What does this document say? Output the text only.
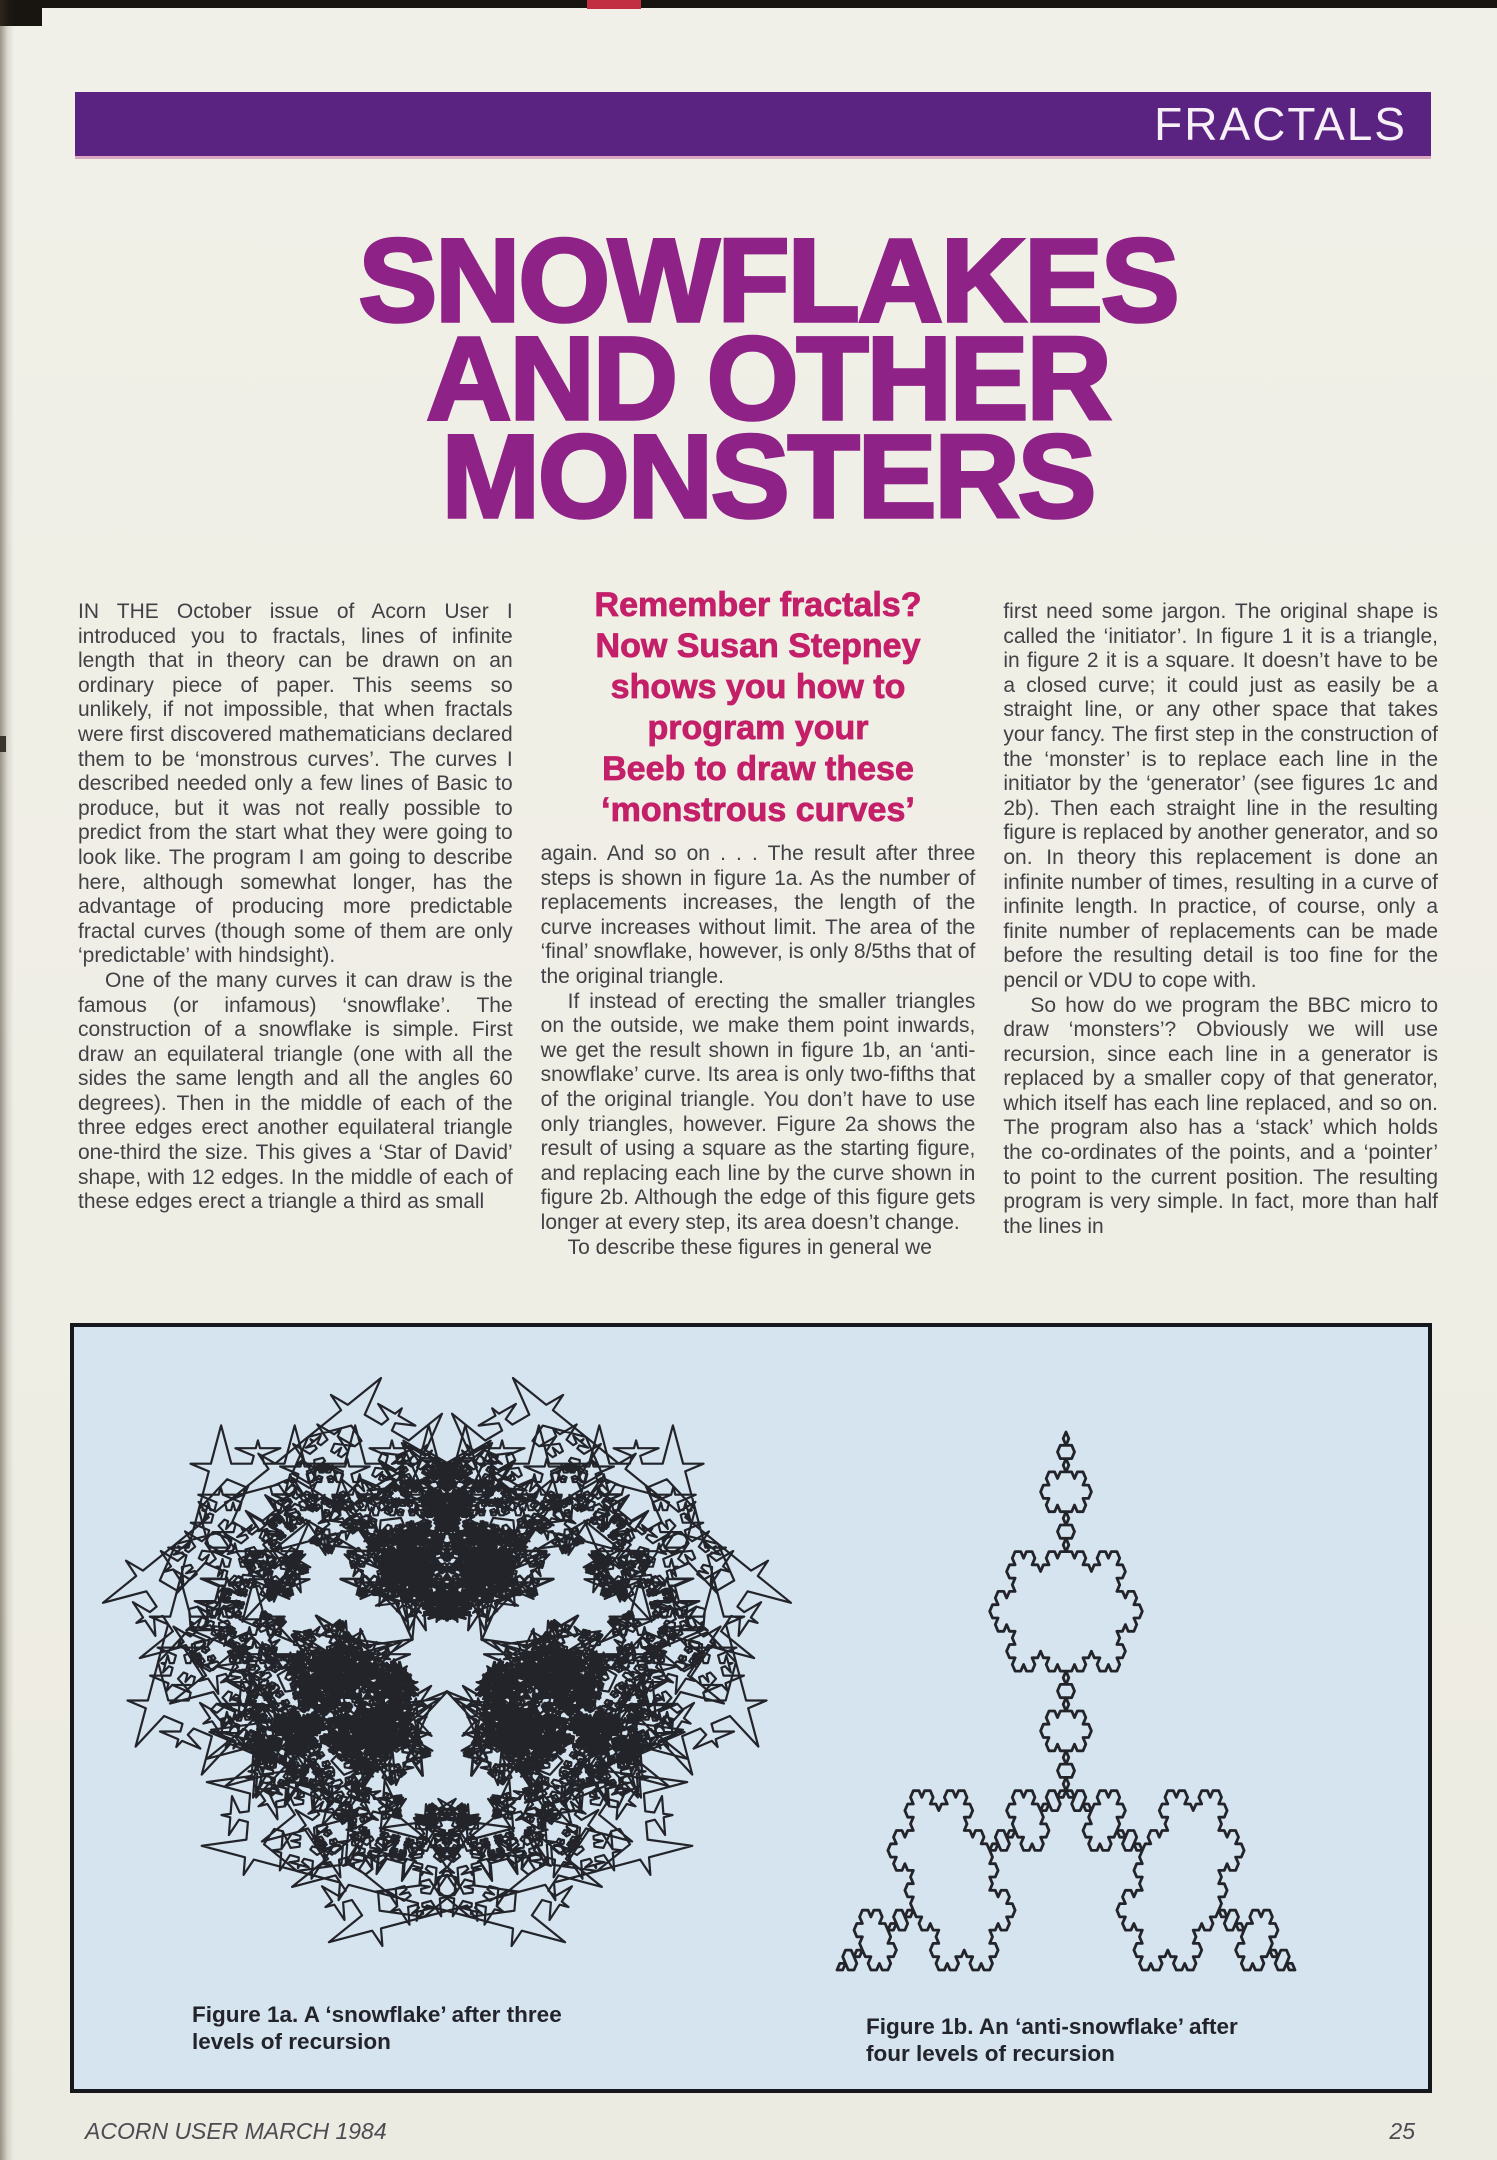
FRACTALS
SNOWFLAKES
AND OTHER
MONSTERS

IN THE October issue of Acorn User I introduced you to fractals, lines of infinite length that in theory can be drawn on an ordinary piece of paper. This seems so unlikely, if not impossible, that when fractals were first discovered mathematicians declared them to be ‘monstrous curves’. The curves I described needed only a few lines of Basic to produce, but it was not really possible to predict from the start what they were going to look like. The program I am going to describe here, although somewhat longer, has the advantage of producing more predictable fractal curves (though some of them are only ‘predictable’ with hindsight).

One of the many curves it can draw is the famous (or infamous) ‘snowflake’. The construction of a snowflake is simple. First draw an equilateral triangle (one with all the sides the same length and all the angles 60 degrees). Then in the middle of each of the three edges erect another equilateral triangle one-third the size. This gives a ‘Star of David’ shape, with 12 edges. In the middle of each of these edges erect a triangle a third as small

Remember fractals?
Now Susan Stepney
shows you how to
program your
Beeb to draw these
‘monstrous curves’

again. And so on . . . The result after three steps is shown in figure 1a. As the number of replacements increases, the length of the curve increases without limit. The area of the ‘final’ snowflake, however, is only 8/5ths that of the original triangle.

If instead of erecting the smaller triangles on the outside, we make them point inwards, we get the result shown in figure 1b, an ‘anti-snowflake’ curve. Its area is only two-fifths that of the original triangle. You don’t have to use only triangles, however. Figure 2a shows the result of using a square as the starting figure, and replacing each line by the curve shown in figure 2b. Although the edge of this figure gets longer at every step, its area doesn’t change.

To describe these figures in general we

first need some jargon. The original shape is called the ‘initiator’. In figure 1 it is a triangle, in figure 2 it is a square. It doesn’t have to be a closed curve; it could just as easily be a straight line, or any other space that takes your fancy. The first step in the construction of the ‘monster’ is to replace each line in the initiator by the ‘generator’ (see figures 1c and 2b). Then each straight line in the resulting figure is replaced by another generator, and so on. In theory this replacement is done an infinite number of times, resulting in a curve of infinite length. In practice, of course, only a finite number of replacements can be made before the resulting detail is too fine for the pencil or VDU to cope with.

So how do we program the BBC micro to draw ‘monsters’? Obviously we will use recursion, since each line in a generator is replaced by a smaller copy of that generator, which itself has each line replaced, and so on. The program also has a ‘stack’ which holds the co-ordinates of the points, and a ‘pointer’ to point to the current position. The resulting program is very simple. In fact, more than half the lines in

Figure 1a. A ‘snowflake’ after three levels of recursion
Figure 1b. An ‘anti-snowflake’ after four levels of recursion
ACORN USER MARCH 1984	25
